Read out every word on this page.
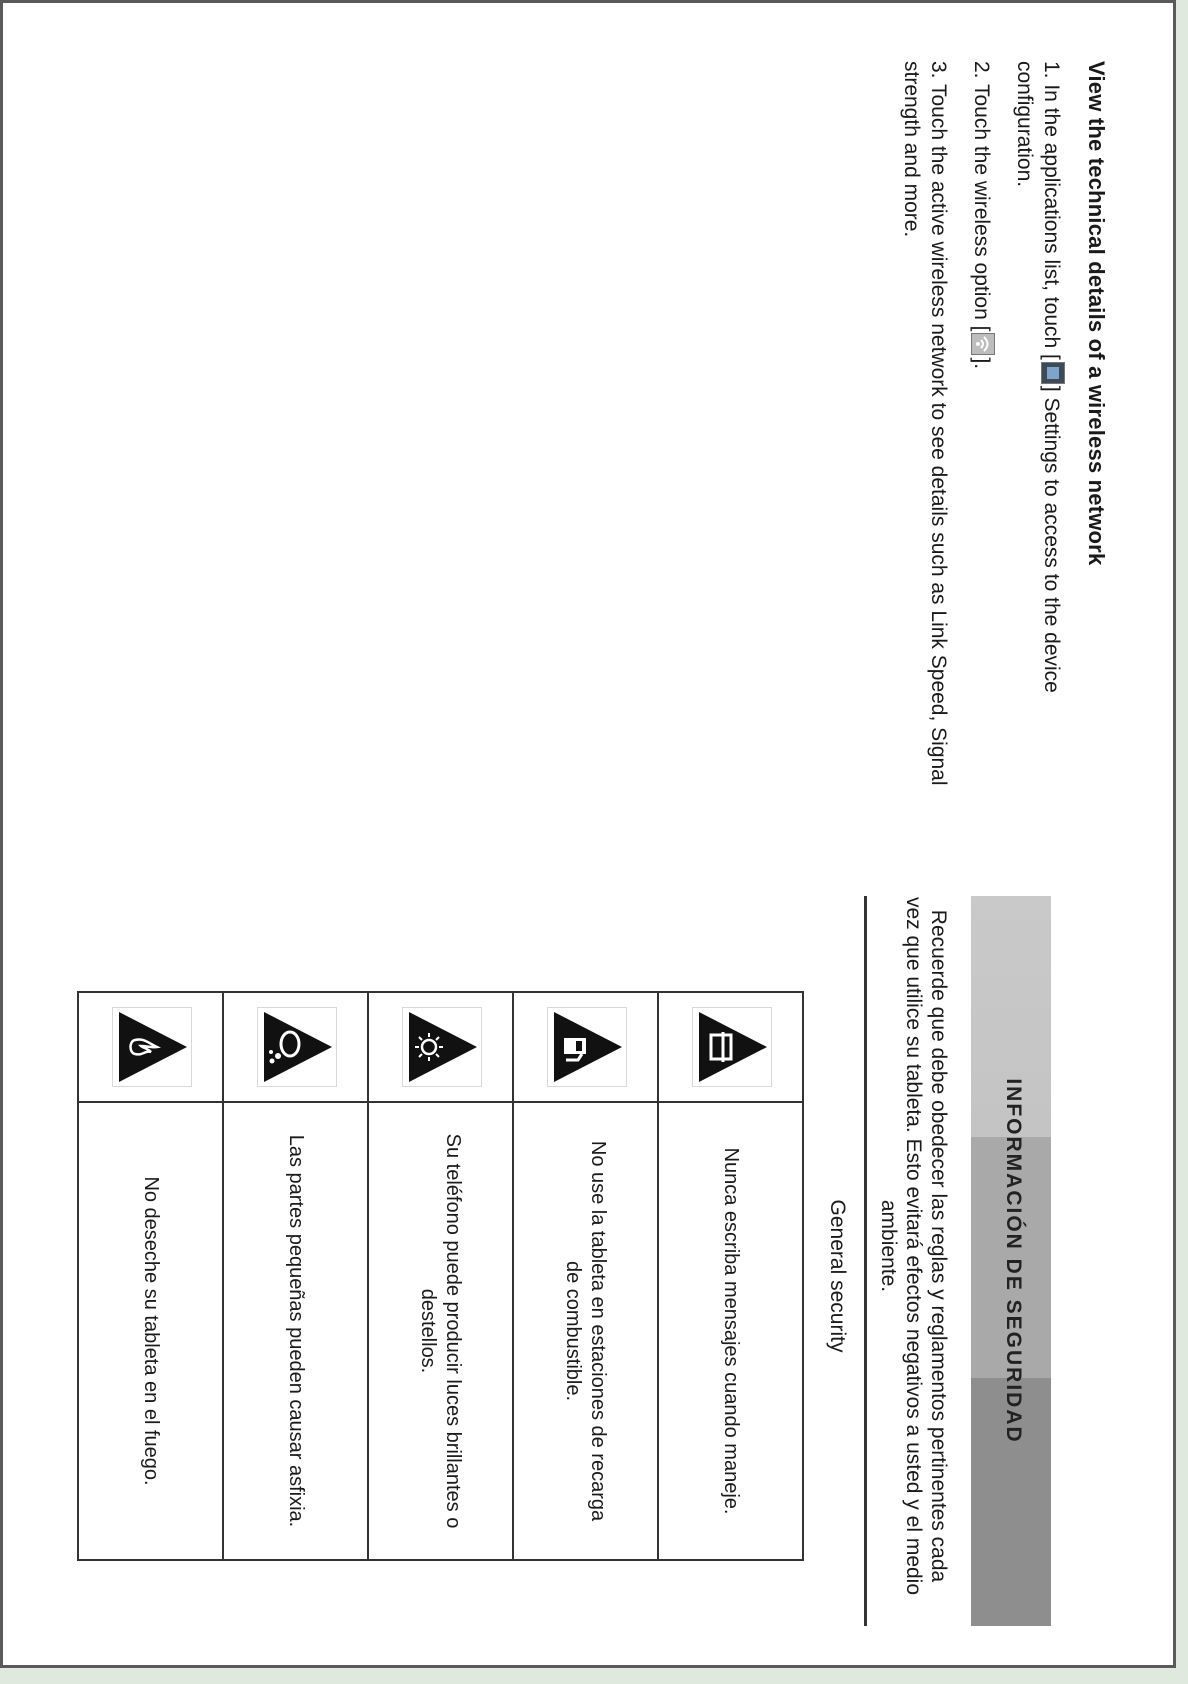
View the technical details of a wireless network
1. In the applications list, touch [] Settings to access to the device configuration.
2. Touch the wireless option [
].
3. Touch the active wireless network to see details such as Link Speed, Signal strength and more.
INFORMACIÓN DE SEGURIDAD
Recuerde que debe obedecer las reglas y reglamentos pertinentes cada vez que utilice su tableta. Esto evitará efectos negativos a usted y el medio ambiente.
General security
	Nunca escriba mensajes cuando maneje.
	No use la tableta en estaciones de recarga de combustible.
	Su teléfono puede producir luces brillantes o destellos.
	Las partes pequeñas pueden causar asfixia.
	No deseche su tableta en el fuego.
